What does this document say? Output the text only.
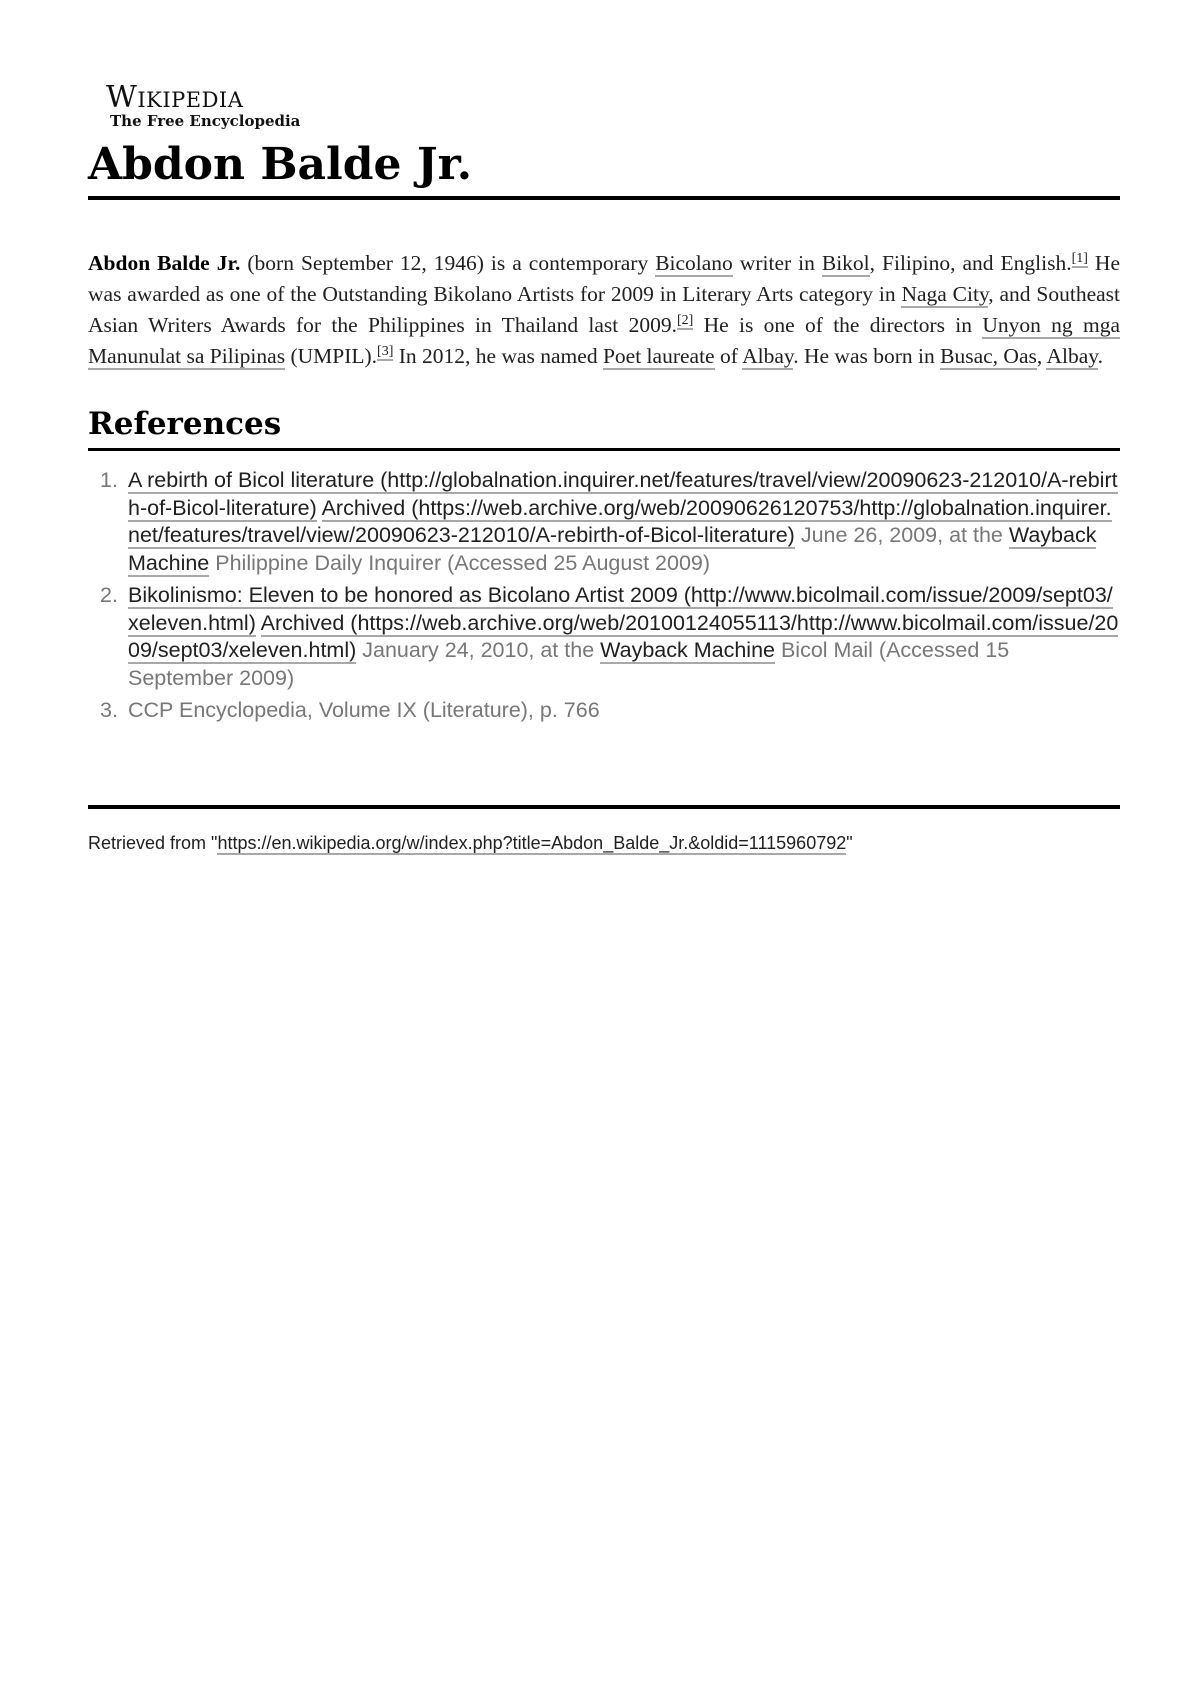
Wikipedia
The Free Encyclopedia
Abdon Balde Jr.

Abdon Balde Jr. (born September 12, 1946) is a contemporary Bicolano writer in Bikol, Filipino, and English.[1] He was awarded as one of the Outstanding Bikolano Artists for 2009 in Literary Arts category in Naga City, and Southeast Asian Writers Awards for the Philippines in Thailand last 2009.[2] He is one of the directors in Unyon ng mga Manunulat sa Pilipinas (UMPIL).[3] In 2012, he was named Poet laureate of Albay. He was born in Busac, Oas, Albay.

References
1. A rebirth of Bicol literature (http://globalnation.inquirer.net/features/travel/view/20090623-212010/A-rebirth-of-Bicol-literature) Archived (https://web.archive.org/web/20090626120753/http://globalnation.inquirer.net/features/travel/view/20090623-212010/A-rebirth-of-Bicol-literature) June 26, 2009, at the Wayback Machine Philippine Daily Inquirer (Accessed 25 August 2009)
2. Bikolinismo: Eleven to be honored as Bicolano Artist 2009 (http://www.bicolmail.com/issue/2009/sept03/xeleven.html) Archived (https://web.archive.org/web/20100124055113/http://www.bicolmail.com/issue/2009/sept03/xeleven.html) January 24, 2010, at the Wayback Machine Bicol Mail (Accessed 15 September 2009)
3. CCP Encyclopedia, Volume IX (Literature), p. 766
Retrieved from "https://en.wikipedia.org/w/index.php?title=Abdon_Balde_Jr.&oldid=1115960792"
